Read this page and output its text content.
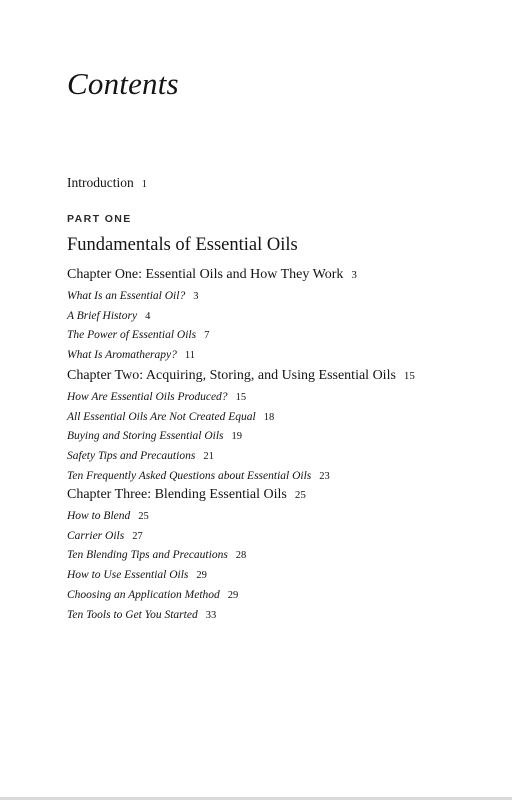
Contents
Introduction 1
PART ONE
Fundamentals of Essential Oils
Chapter One: Essential Oils and How They Work 3
What Is an Essential Oil? 3
A Brief History 4
The Power of Essential Oils 7
What Is Aromatherapy? 11
Chapter Two: Acquiring, Storing, and Using Essential Oils 15
How Are Essential Oils Produced? 15
All Essential Oils Are Not Created Equal 18
Buying and Storing Essential Oils 19
Safety Tips and Precautions 21
Ten Frequently Asked Questions about Essential Oils 23
Chapter Three: Blending Essential Oils 25
How to Blend 25
Carrier Oils 27
Ten Blending Tips and Precautions 28
How to Use Essential Oils 29
Choosing an Application Method 29
Ten Tools to Get You Started 33
